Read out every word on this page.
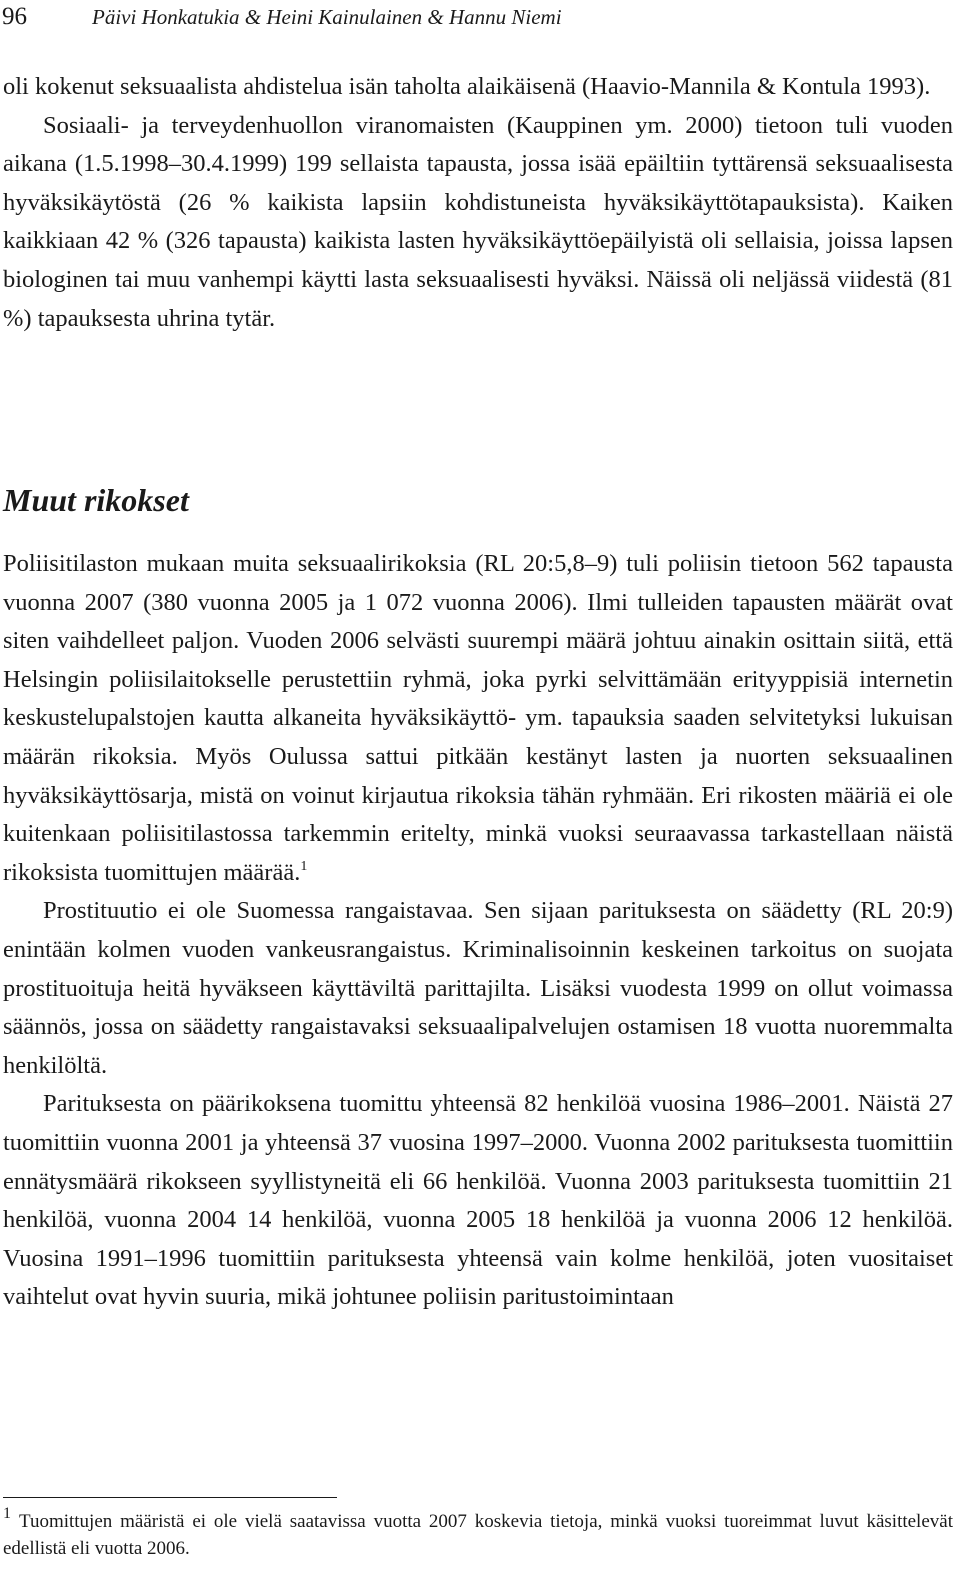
96	Päivi Honkatukia & Heini Kainulainen & Hannu Niemi

oli kokenut seksuaalista ahdistelua isän taholta alaikäisenä (Haavio-Mannila & Kontula 1993).

Sosiaali- ja terveydenhuollon viranomaisten (Kauppinen ym. 2000) tietoon tuli vuoden aikana (1.5.1998–30.4.1999) 199 sellaista tapausta, jossa isää epäiltiin tyttärensä seksuaalisesta hyväksikäytöstä (26 % kaikista lapsiin kohdistuneista hyväksikäyttötapauksista). Kaiken kaikkiaan 42 % (326 tapausta) kaikista lasten hyväksikäyttöepäilyistä oli sellaisia, joissa lapsen biologinen tai muu vanhempi käytti lasta seksuaalisesti hyväksi. Näissä oli neljässä viidestä (81 %) tapauksesta uhrina tytär.

Muut rikokset

Poliisitilaston mukaan muita seksuaalirikoksia (RL 20:5,8–9) tuli poliisin tietoon 562 tapausta vuonna 2007 (380 vuonna 2005 ja 1 072 vuonna 2006). Ilmi tulleiden tapausten määrät ovat siten vaihdelleet paljon. Vuoden 2006 selvästi suurempi määrä johtuu ainakin osittain siitä, että Helsingin poliisilaitokselle perustettiin ryhmä, joka pyrki selvittämään erityyppisiä internetin keskustelupalstojen kautta alkaneita hyväksikäyttö- ym. tapauksia saaden selvitetyksi lukuisan määrän rikoksia. Myös Oulussa sattui pitkään kestänyt lasten ja nuorten seksuaalinen hyväksikäyttösarja, mistä on voinut kirjautua rikoksia tähän ryhmään. Eri rikosten määriä ei ole kuitenkaan poliisitilastossa tarkemmin eritelty, minkä vuoksi seuraavassa tarkastellaan näistä rikoksista tuomittujen määrää.$^1$

Prostituutio ei ole Suomessa rangaistavaa. Sen sijaan parituksesta on säädetty (RL 20:9) enintään kolmen vuoden vankeusrangaistus. Kriminalisoinnin keskeinen tarkoitus on suojata prostituoituja heitä hyväkseen käyttäviltä parittajilta. Lisäksi vuodesta 1999 on ollut voimassa säännös, jossa on säädetty rangaistavaksi seksuaalipalvelujen ostamisen 18 vuotta nuoremmalta henkilöltä.

Parituksesta on päärikoksena tuomittu yhteensä 82 henkilöä vuosina 1986–2001. Näistä 27 tuomittiin vuonna 2001 ja yhteensä 37 vuosina 1997–2000. Vuonna 2002 parituksesta tuomittiin ennätysmäärä rikokseen syyllistyneitä eli 66 henkilöä. Vuonna 2003 parituksesta tuomittiin 21 henkilöä, vuonna 2004 14 henkilöä, vuonna 2005 18 henkilöä ja vuonna 2006 12 henkilöä. Vuosina 1991–1996 tuomittiin parituksesta yhteensä vain kolme henkilöä, joten vuositaiset vaihtelut ovat hyvin suuria, mikä johtunee poliisin paritustoimintaan

$^1$ Tuomittujen määristä ei ole vielä saatavissa vuotta 2007 koskevia tietoja, minkä vuoksi tuoreimmat luvut käsittelevät edellistä eli vuotta 2006.
